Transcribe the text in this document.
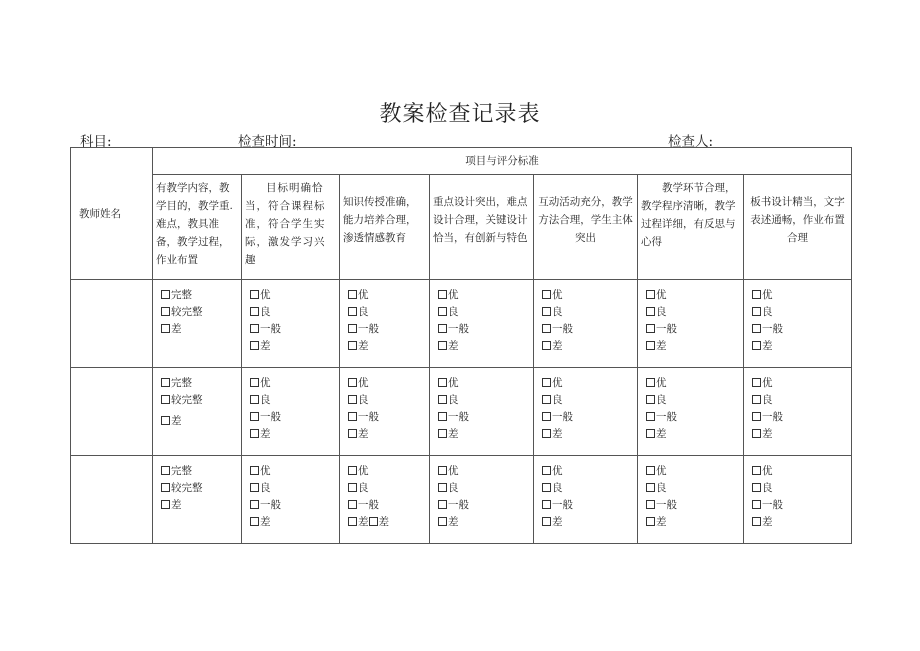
教案检查记录表
科目:	检查时间:	检查人:
教师姓名	项目与评分标准						

	有教学内容，教学目的，教学重.难点，教具准备，教学过程，作业布置	目标明确恰当，符合课程标准，符合学生实际，激发学习兴趣	知识传授准确，能力培养合理，渗透情感教育	重点设计突出，难点设计合理，关键设计恰当，有创新与特色	互动活动充分，教学方法合理，学生主体突出	教学环节合理，教学程序清晰，教学过程详细，有反思与心得	板书设计精当，文字表述通畅，作业布置合理

	完整
较完整
差	优
良
一般
差	优
良
一般
差	优
良
一般
差	优
良
一般
差	优
良
一般
差	优
良
一般
差

	完整
较完整
差	优
良
一般
差	优
良
一般
差	优
良
一般
差	优
良
一般
差	优
良
一般
差	优
良
一般
差

	完整
较完整
差	优
良
一般
差	优
良
一般
差 差	优
良
一般
差	优
良
一般
差	优
良
一般
差	优
良
一般
差
